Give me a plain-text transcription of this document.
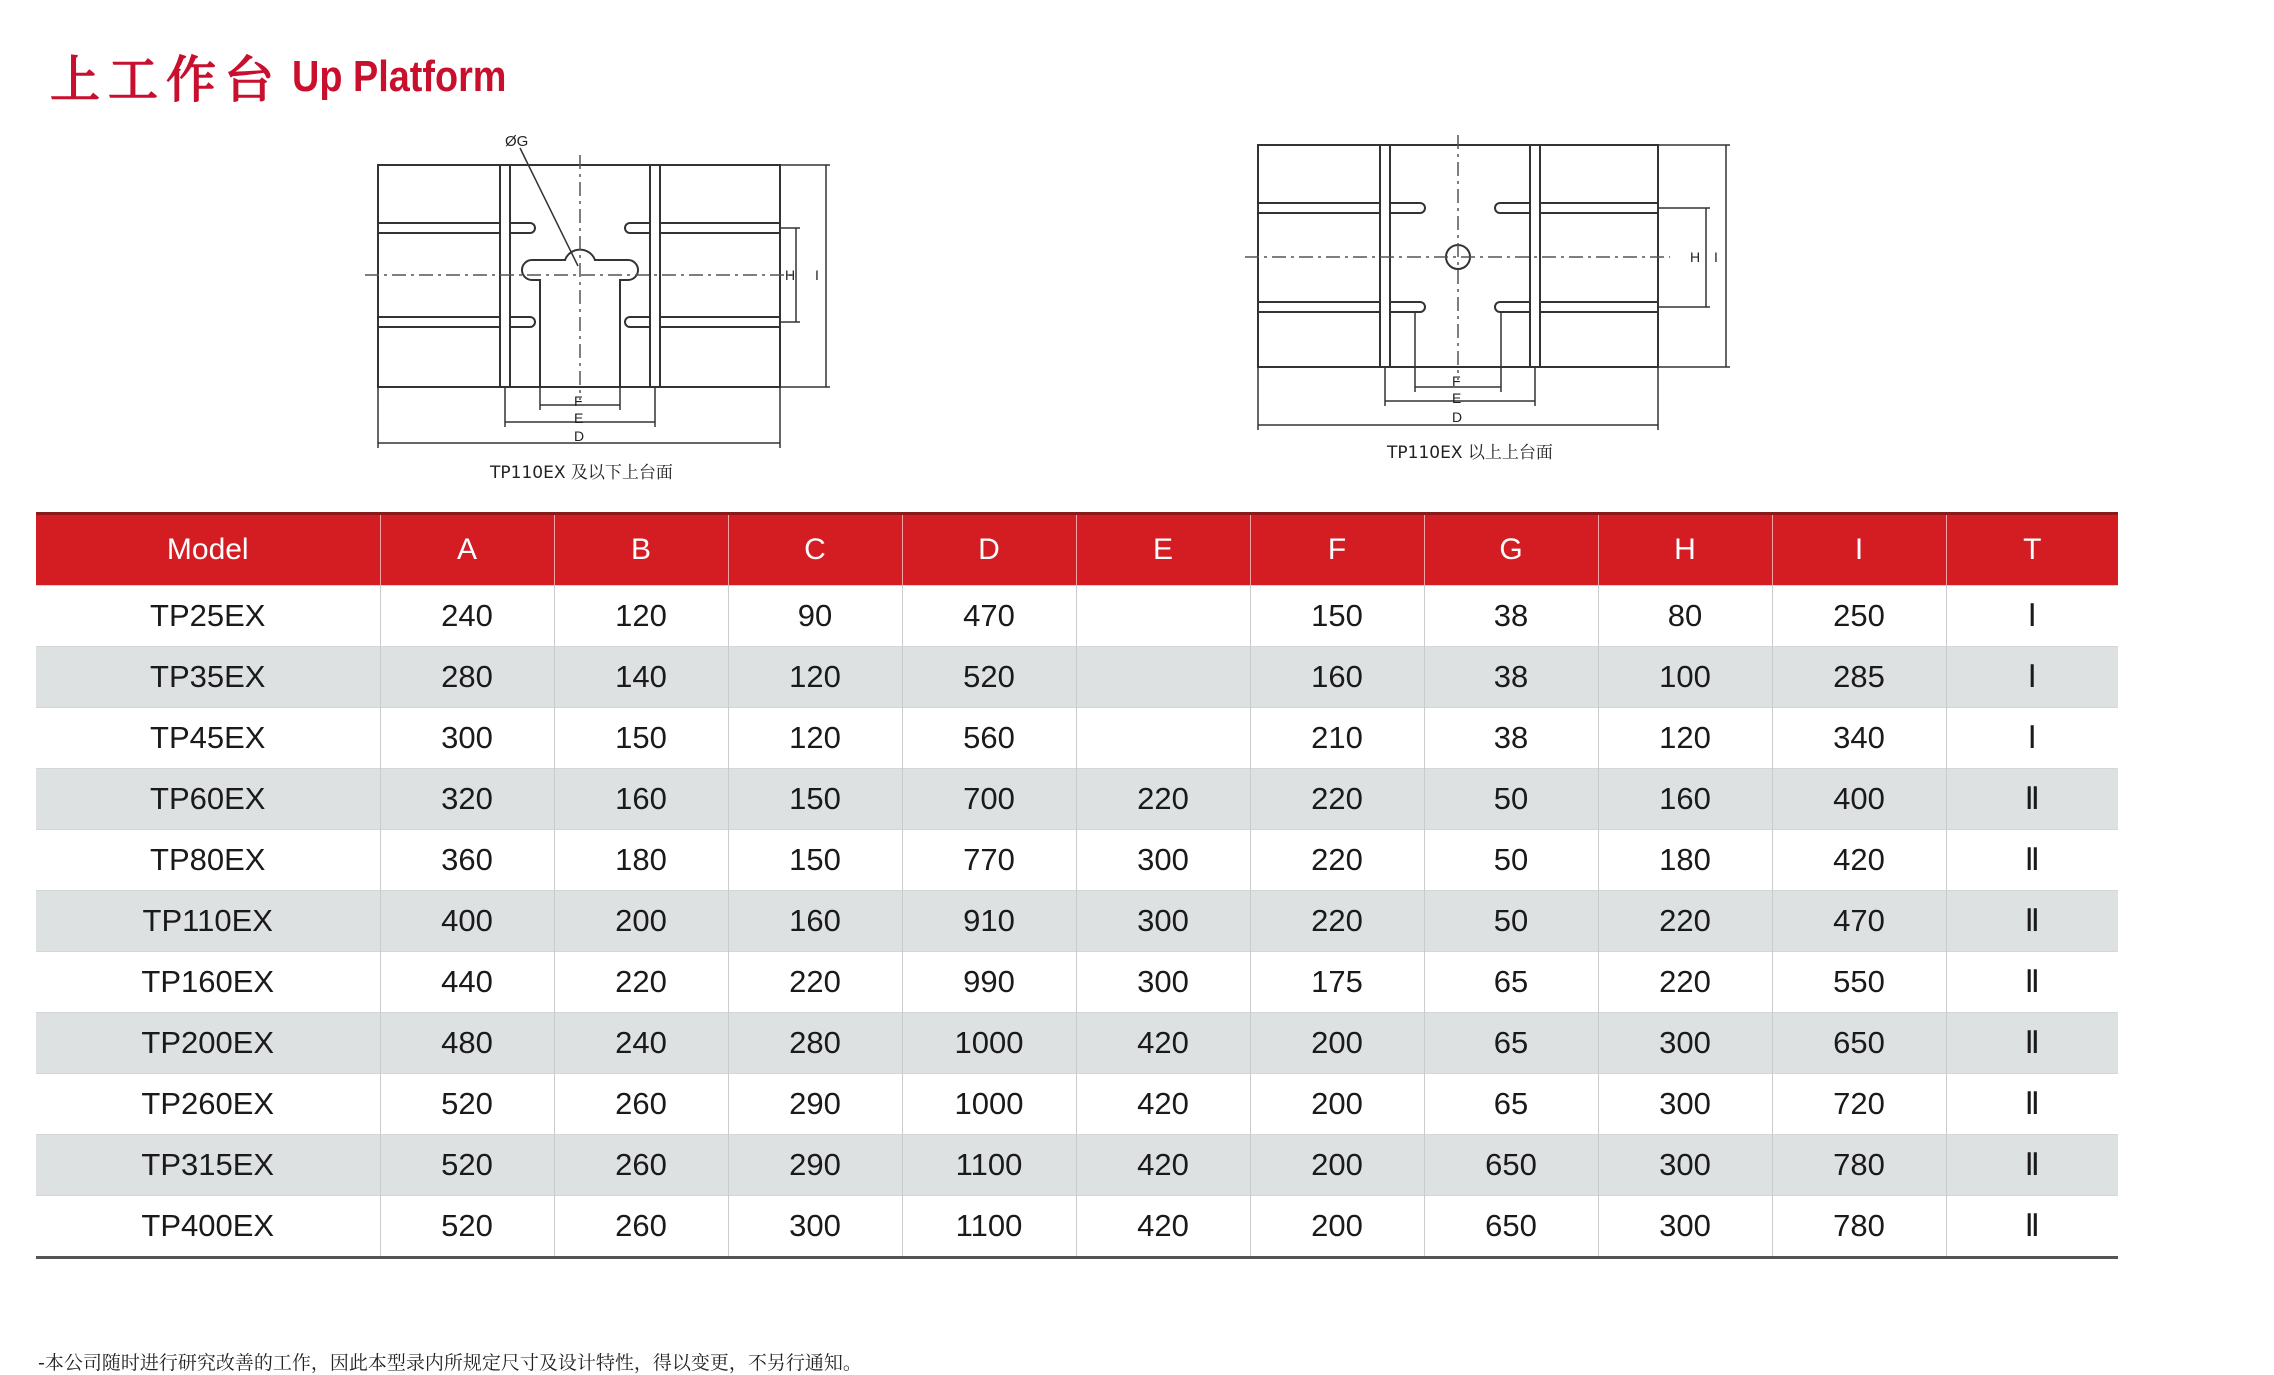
上工作台 Up Platform
ØG
H I
F
E
D
TP110EX 及以下上台面
H I
F
E
D
TP110EX 以上上台面
Model	A	B	C	D	E	F	G	H	I	T
TP25EX	240	120	90	470		150	38	80	250	Ⅰ
TP35EX	280	140	120	520		160	38	100	285	Ⅰ
TP45EX	300	150	120	560		210	38	120	340	Ⅰ
TP60EX	320	160	150	700	220	220	50	160	400	Ⅱ
TP80EX	360	180	150	770	300	220	50	180	420	Ⅱ
TP110EX	400	200	160	910	300	220	50	220	470	Ⅱ
TP160EX	440	220	220	990	300	175	65	220	550	Ⅱ
TP200EX	480	240	280	1000	420	200	65	300	650	Ⅱ
TP260EX	520	260	290	1000	420	200	65	300	720	Ⅱ
TP315EX	520	260	290	1100	420	200	650	300	780	Ⅱ
TP400EX	520	260	300	1100	420	200	650	300	780	Ⅱ
-本公司随时进行研究改善的工作，因此本型录内所规定尺寸及设计特性，得以变更，不另行通知。
